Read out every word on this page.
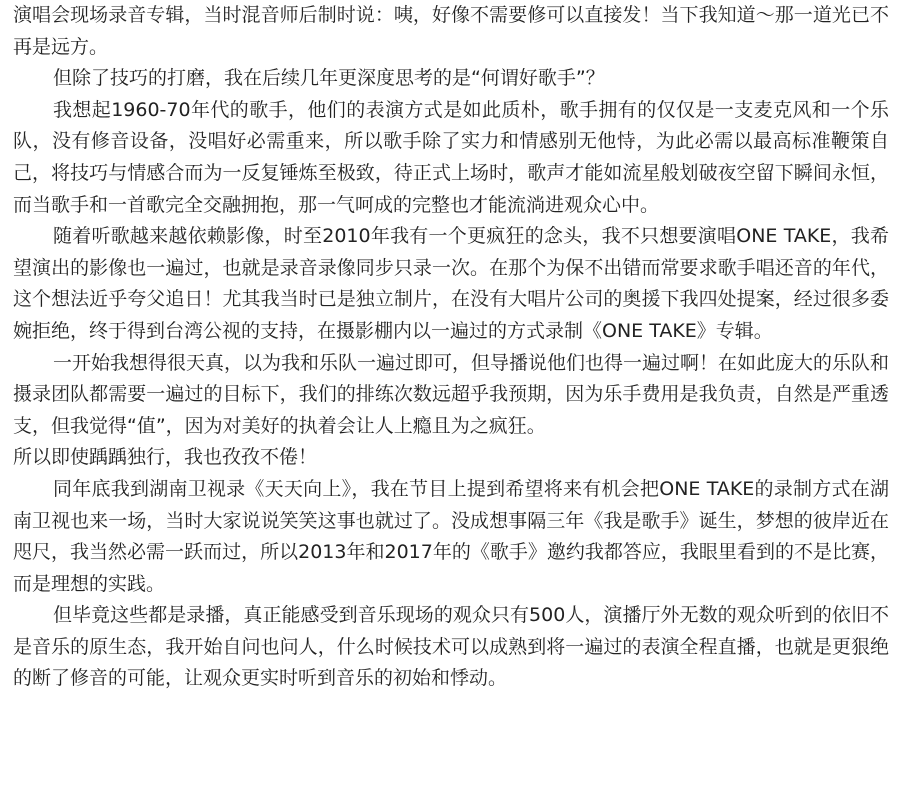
演唱会现场录音专辑，当时混音师后制时说：咦，好像不需要修可以直接发！当下我知道～那一道光已不再是远方。

但除了技巧的打磨，我在后续几年更深度思考的是“何谓好歌手”？

我想起1960-70年代的歌手，他们的表演方式是如此质朴，歌手拥有的仅仅是一支麦克风和一个乐队，没有修音设备，没唱好必需重来，所以歌手除了实力和情感别无他恃，为此必需以最高标准鞭策自己，将技巧与情感合而为一反复锤炼至极致，待正式上场时，歌声才能如流星般划破夜空留下瞬间永恒，而当歌手和一首歌完全交融拥抱，那一气呵成的完整也才能流淌进观众心中。

随着听歌越来越依赖影像，时至2010年我有一个更疯狂的念头，我不只想要演唱ONE TAKE，我希望演出的影像也一遍过，也就是录音录像同步只录一次。在那个为保不出错而常要求歌手唱还音的年代，这个想法近乎夸父追日！尤其我当时已是独立制片，在没有大唱片公司的奥援下我四处提案，经过很多委婉拒绝，终于得到台湾公视的支持，在摄影棚内以一遍过的方式录制《ONE TAKE》专辑。

一开始我想得很天真，以为我和乐队一遍过即可，但导播说他们也得一遍过啊！在如此庞大的乐队和摄录团队都需要一遍过的目标下，我们的排练次数远超乎我预期，因为乐手费用是我负责，自然是严重透支，但我觉得“值”，因为对美好的执着会让人上瘾且为之疯狂。

所以即使踽踽独行，我也孜孜不倦！

同年底我到湖南卫视录《天天向上》，我在节目上提到希望将来有机会把ONE TAKE的录制方式在湖南卫视也来一场，当时大家说说笑笑这事也就过了。没成想事隔三年《我是歌手》诞生，梦想的彼岸近在咫尺，我当然必需一跃而过，所以2013年和2017年的《歌手》邀约我都答应，我眼里看到的不是比赛，而是理想的实践。

但毕竟这些都是录播，真正能感受到音乐现场的观众只有500人，演播厅外无数的观众听到的依旧不是音乐的原生态，我开始自问也问人，什么时候技术可以成熟到将一遍过的表演全程直播，也就是更狠绝的断了修音的可能，让观众更实时听到音乐的初始和悸动。
